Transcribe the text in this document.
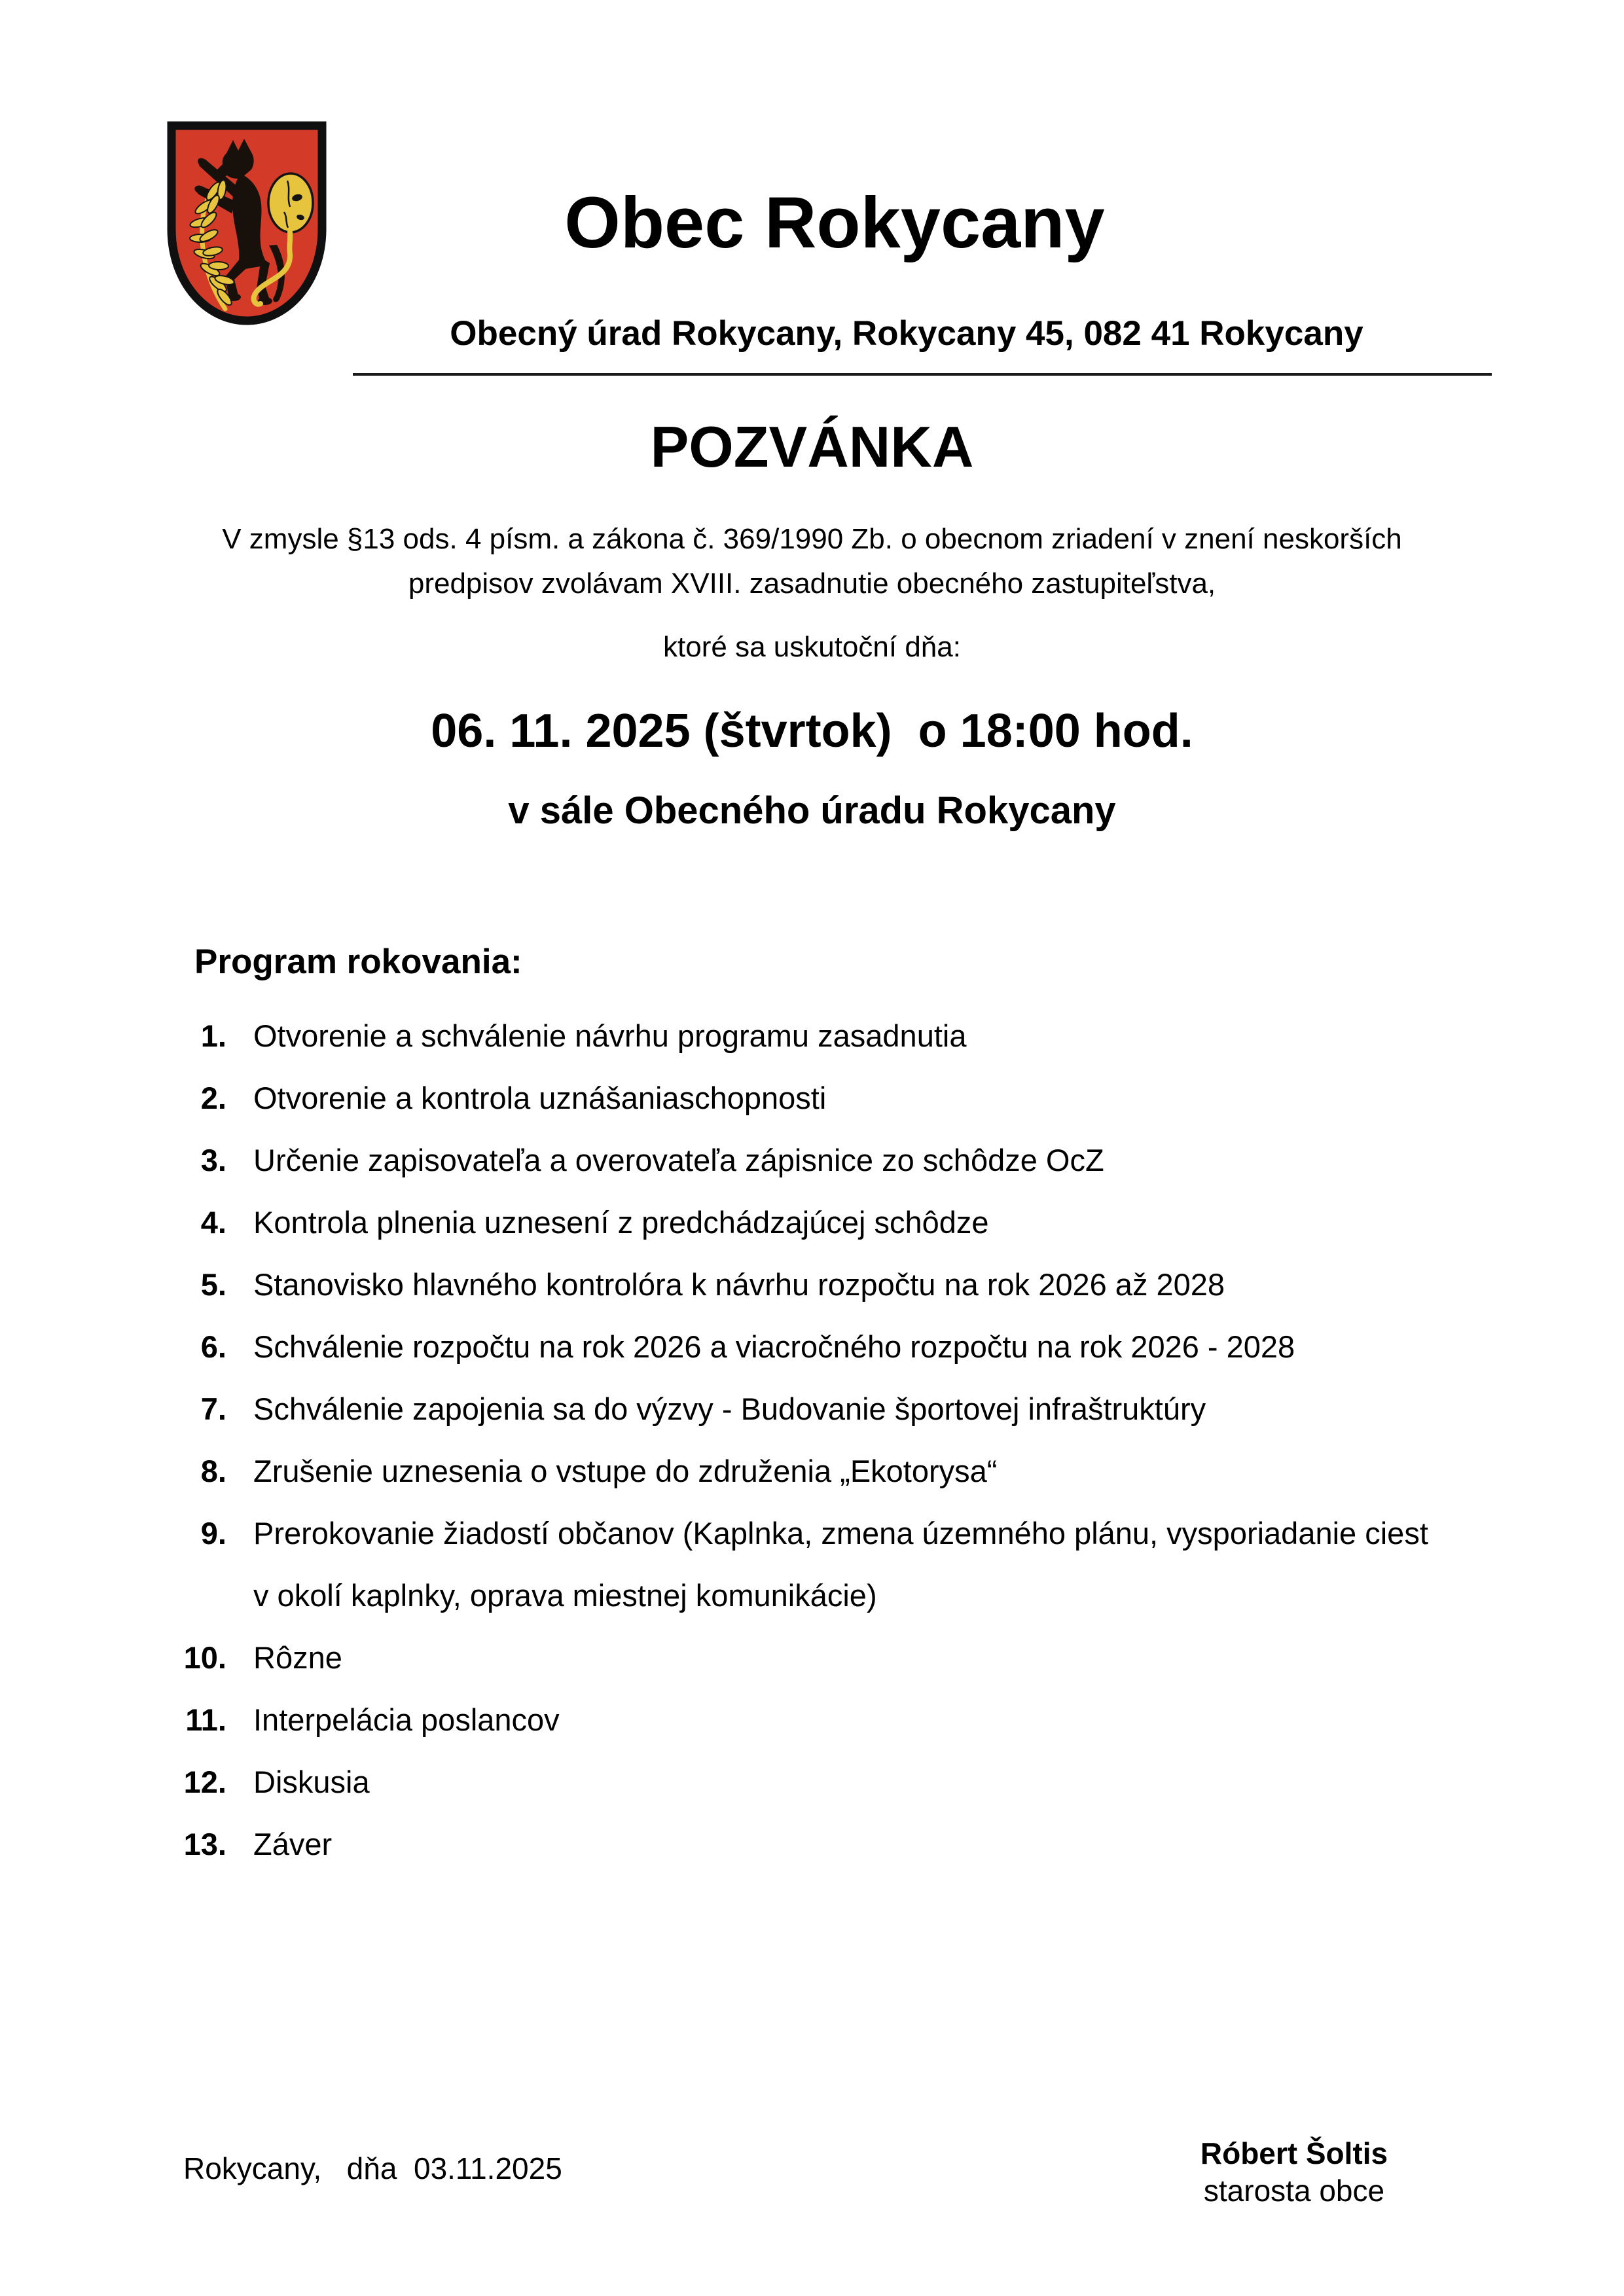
Obec Rokycany
Obecný úrad Rokycany, Rokycany 45, 082 41 Rokycany
POZVÁNKA
V zmysle §13 ods. 4 písm. a zákona č. 369/1990 Zb. o obecnom zriadení v znení neskorších
predpisov zvolávam XVIII. zasadnutie obecného zastupiteľstva,
ktoré sa uskutoční dňa:
06. 11. 2025 (štvrtok)  o 18:00 hod.
v sále Obecného úradu Rokycany
Program rokovania:
1. Otvorenie a schválenie návrhu programu zasadnutia
2. Otvorenie a kontrola uznášaniaschopnosti
3. Určenie zapisovateľa a overovateľa zápisnice zo schôdze OcZ
4. Kontrola plnenia uznesení z predchádzajúcej schôdze
5. Stanovisko hlavného kontrolóra k návrhu rozpočtu na rok 2026 až 2028
6. Schválenie rozpočtu na rok 2026 a viacročného rozpočtu na rok 2026 - 2028
7. Schválenie zapojenia sa do výzvy - Budovanie športovej infraštruktúry
8. Zrušenie uznesenia o vstupe do združenia „Ekotorysa“
9. Prerokovanie žiadostí občanov (Kaplnka, zmena územného plánu, vysporiadanie ciest v okolí kaplnky, oprava miestnej komunikácie)
10. Rôzne
11. Interpelácia poslancov
12. Diskusia
13. Záver
Rokycany,   dňa  03.11.2025	Róbert Šoltis
starosta obce
